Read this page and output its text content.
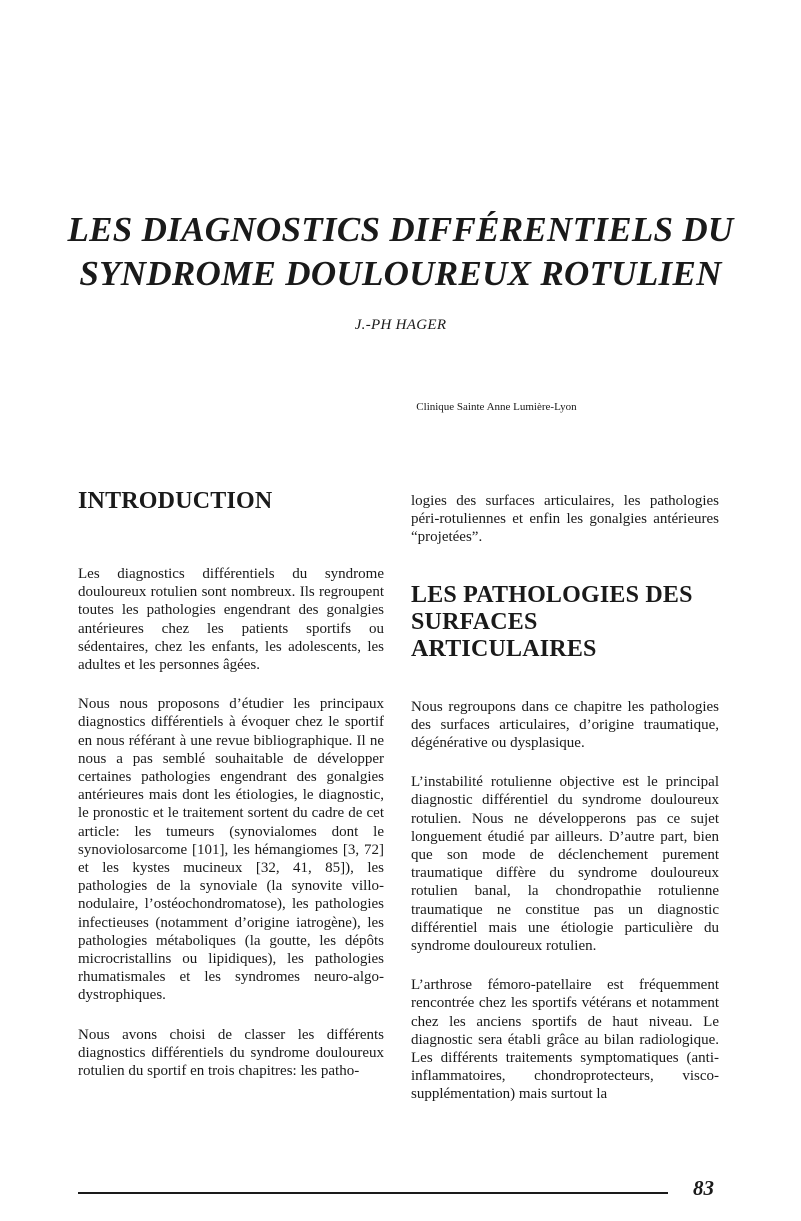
LES DIAGNOSTICS DIFFÉRENTIELS DU
SYNDROME DOULOUREUX ROTULIEN
J.-PH HAGER
Clinique Sainte Anne Lumière-Lyon
INTRODUCTION

Les diagnostics différentiels du syndrome douloureux rotulien sont nombreux. Ils regroupent toutes les pathologies engendrant des gonalgies antérieures chez les patients sportifs ou sédentaires, chez les enfants, les adolescents, les adultes et les personnes âgées.

Nous nous proposons d’étudier les principaux diagnostics différentiels à évoquer chez le sportif en nous référant à une revue bibliographique. Il ne nous a pas semblé souhaitable de développer certaines pathologies engendrant des gonalgies antérieures mais dont les étiologies, le diagnostic, le pronostic et le traitement sortent du cadre de cet article: les tumeurs (synovialomes dont le synoviolosarcome [101], les hémangiomes [3, 72] et les kystes mucineux [32, 41, 85]), les pathologies de la synoviale (la synovite villo-nodulaire, l’ostéochondromatose), les pathologies infectieuses (notamment d’origine iatrogène), les pathologies métaboliques (la goutte, les dépôts microcristallins ou lipidiques), les pathologies rhumatismales et les syndromes neuro-algo-dystrophiques.

Nous avons choisi de classer les différents diagnostics différentiels du syndrome douloureux rotulien du sportif en trois chapitres: les patho-

logies des surfaces articulaires, les pathologies péri-rotuliennes et enfin les gonalgies antérieures “projetées”.

LES PATHOLOGIES DES
SURFACES ARTICULAIRES

Nous regroupons dans ce chapitre les pathologies des surfaces articulaires, d’origine traumatique, dégénérative ou dysplasique.

L’instabilité rotulienne objective est le principal diagnostic différentiel du syndrome douloureux rotulien. Nous ne développerons pas ce sujet longuement étudié par ailleurs. D’autre part, bien que son mode de déclenchement purement traumatique diffère du syndrome douloureux rotulien banal, la chondropathie rotulienne traumatique ne constitue pas un diagnostic différentiel mais une étiologie particulière du syndrome douloureux rotulien.

L’arthrose fémoro-patellaire est fréquemment rencontrée chez les sportifs vétérans et notamment chez les anciens sportifs de haut niveau. Le diagnostic sera établi grâce au bilan radiologique. Les différents traitements symptomatiques (anti-inflammatoires, chondroprotecteurs, visco-supplémentation) mais surtout la

83
